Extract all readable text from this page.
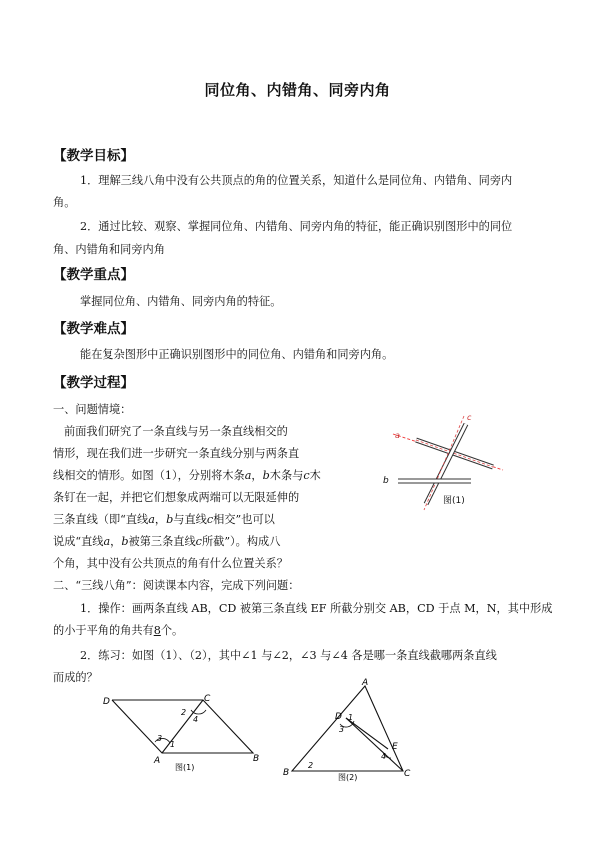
同位角、内错角、同旁内角
【教学目标】
1．理解三线八角中没有公共顶点的角的位置关系，知道什么是同位角、内错角、同旁内
角。
2．通过比较、观察、掌握同位角、内错角、同旁内角的特征，能正确识别图形中的同位
角、内错角和同旁内角
【教学重点】
掌握同位角、内错角、同旁内角的特征。
【教学难点】
能在复杂图形中正确识别图形中的同位角、内错角和同旁内角。
【教学过程】
一、问题情境：
前面我们研究了一条直线与另一条直线相交的
情形，现在我们进一步研究一条直线分别与两条直
线相交的情形。如图（1），分别将木条a，b木条与c木
条钉在一起，并把它们想象成两端可以无限延伸的
三条直线（即“直线a，b与直线c相交”也可以
说成“直线a，b被第三条直线c所截”）。构成八
个角，其中没有公共顶点的角有什么位置关系？
a
b
c
图(1)
二、“三线八角”：阅读课本内容，完成下列问题：
1．操作：画两条直线 AB，CD 被第三条直线 EF 所截分别交 AB，CD 于点 M，N，其中形成
的小于平角的角共有8个。
2．练习：如图（1）、（2），其中∠1 与∠2，∠3 与∠4 各是哪一条直线截哪两条直线
而成的？
D	C
A	B
1
2
3
4
图(1)
A
B	C
D
E
1
2
3
4
图(2)
